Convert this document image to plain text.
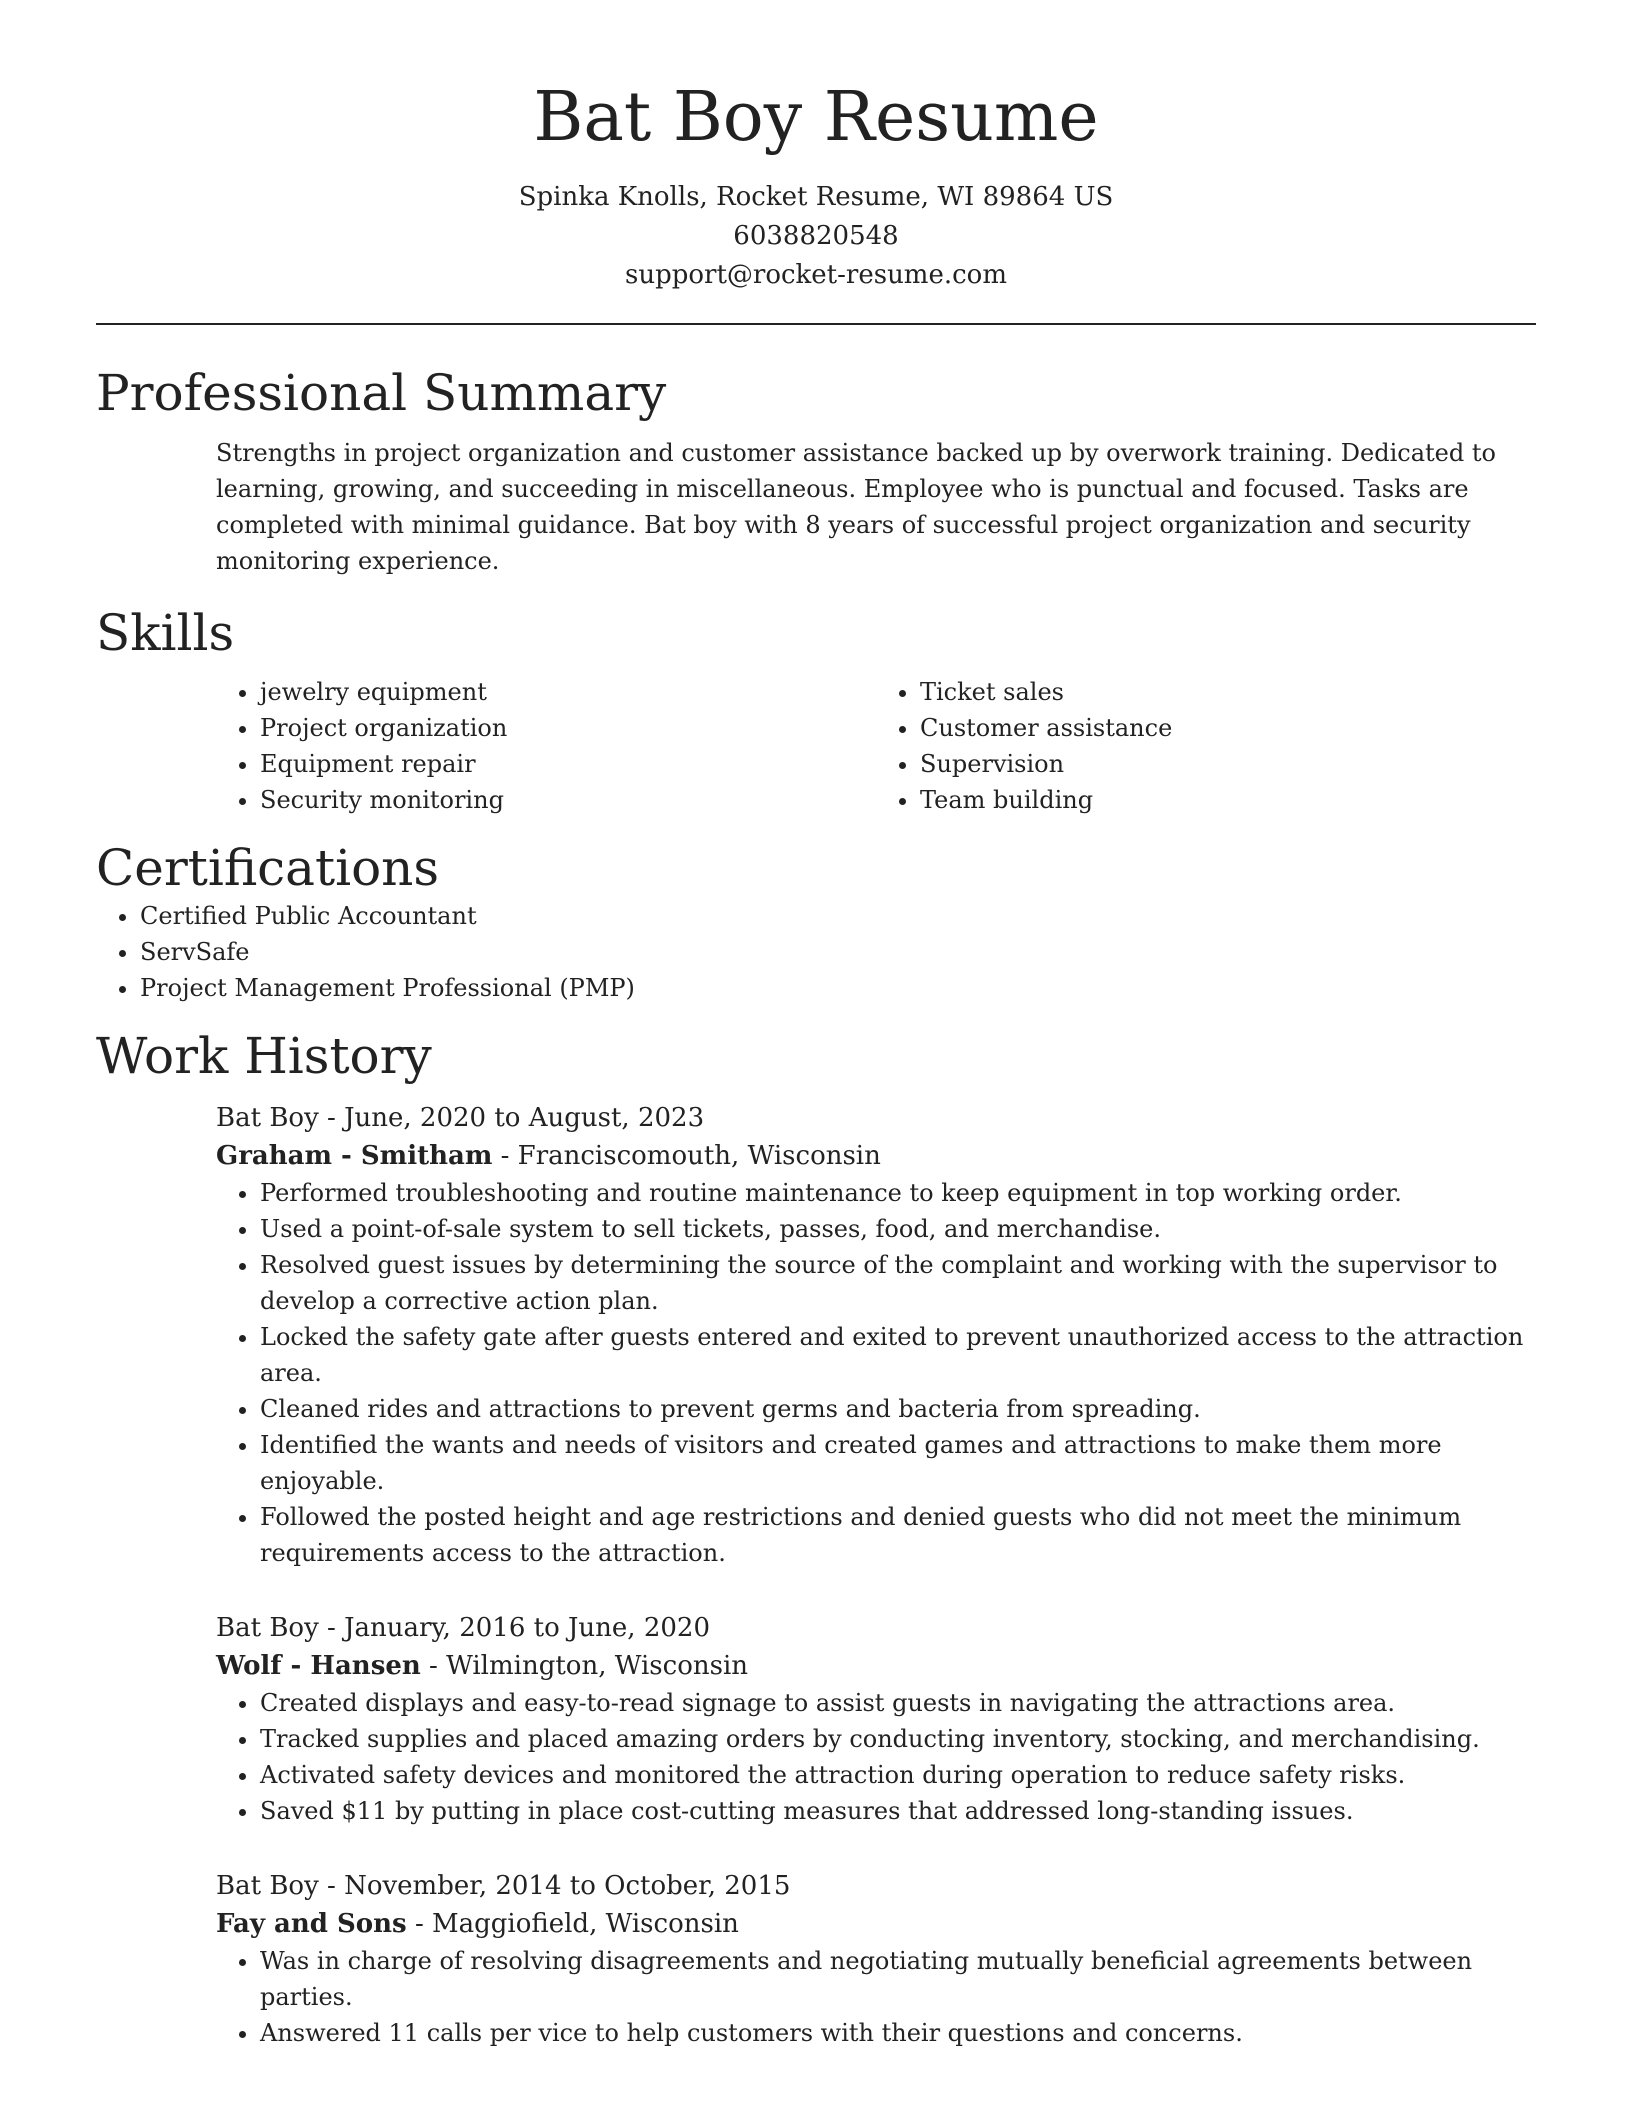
Bat Boy Resume
Spinka Knolls, Rocket Resume, WI 89864 US
6038820548
support@rocket-resume.com
Professional Summary

Strengths in project organization and customer assistance backed up by overwork training. Dedicated to learning, growing, and succeeding in miscellaneous. Employee who is punctual and focused. Tasks are completed with minimal guidance. Bat boy with 8 years of successful project organization and security monitoring experience.

Skills
• jewelry equipment
• Project organization
• Equipment repair
• Security monitoring
• Ticket sales
• Customer assistance
• Supervision
• Team building
Certifications
• Certified Public Accountant
• ServSafe
• Project Management Professional (PMP)
Work History
Bat Boy - June, 2020 to August, 2023
Graham - Smitham - Franciscomouth, Wisconsin
• Performed troubleshooting and routine maintenance to keep equipment in top working order.
• Used a point-of-sale system to sell tickets, passes, food, and merchandise.
• Resolved guest issues by determining the source of the complaint and working with the supervisor to develop a corrective action plan.
• Locked the safety gate after guests entered and exited to prevent unauthorized access to the attraction area.
• Cleaned rides and attractions to prevent germs and bacteria from spreading.
• Identified the wants and needs of visitors and created games and attractions to make them more enjoyable.
• Followed the posted height and age restrictions and denied guests who did not meet the minimum requirements access to the attraction.
Bat Boy - January, 2016 to June, 2020
Wolf - Hansen - Wilmington, Wisconsin
• Created displays and easy-to-read signage to assist guests in navigating the attractions area.
• Tracked supplies and placed amazing orders by conducting inventory, stocking, and merchandising.
• Activated safety devices and monitored the attraction during operation to reduce safety risks.
• Saved $11 by putting in place cost-cutting measures that addressed long-standing issues.
Bat Boy - November, 2014 to October, 2015
Fay and Sons - Maggiofield, Wisconsin
• Was in charge of resolving disagreements and negotiating mutually beneficial agreements between parties.
• Answered 11 calls per vice to help customers with their questions and concerns.
